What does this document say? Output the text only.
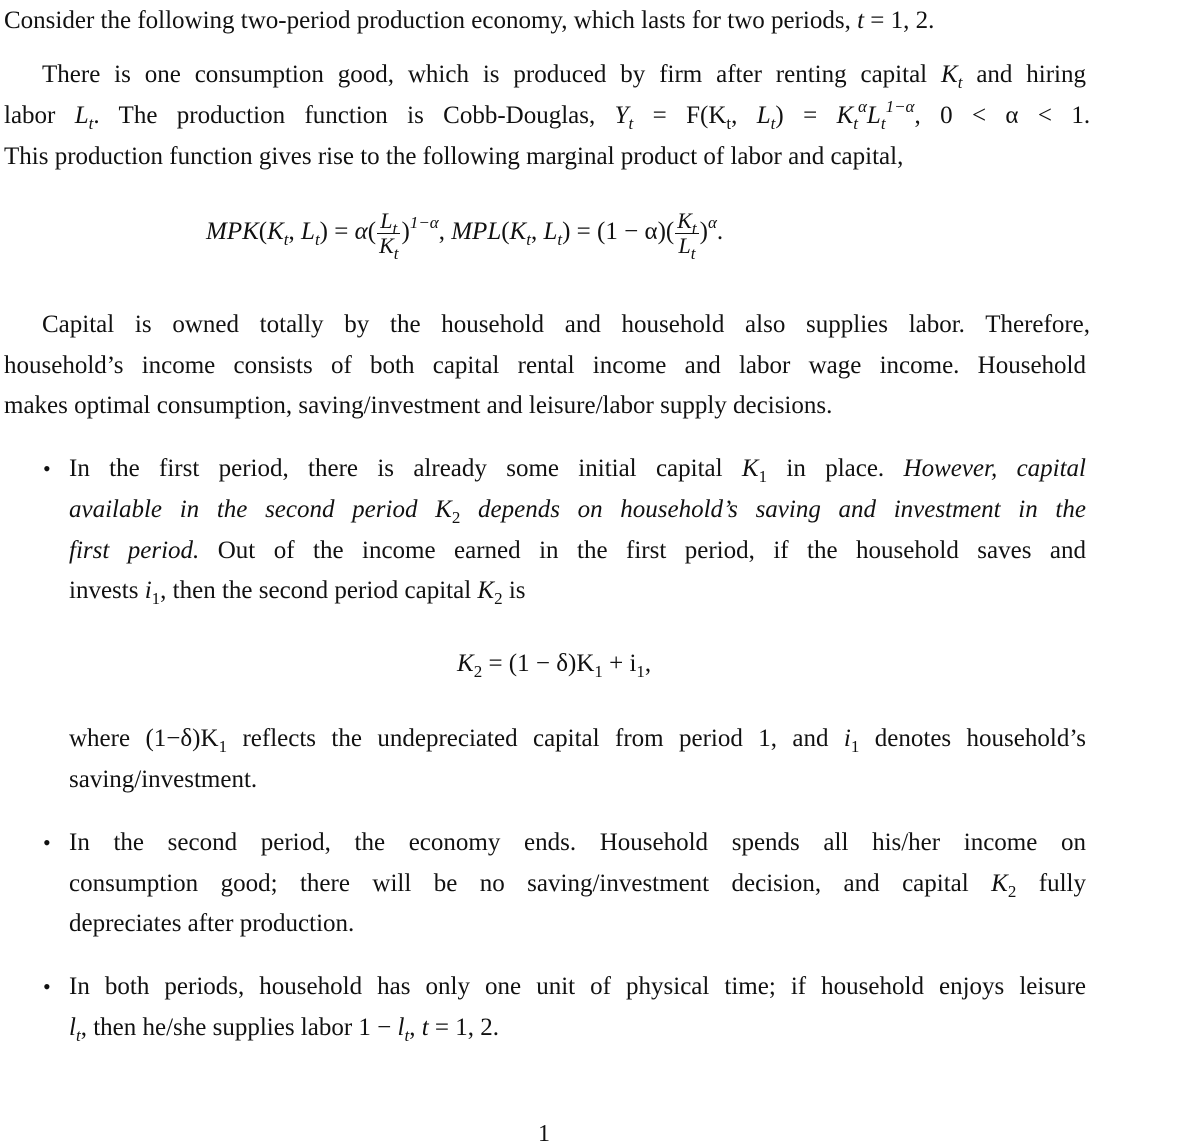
Consider the following two-period production economy, which lasts for two periods, t = 1, 2.
There is one consumption good, which is produced by firm after renting capital $K_t$ and hiring
labor $L_t$. The production function is Cobb-Douglas, $Y_t = F(K_t$, $L_t) = K_t^\alpha L_t^{1-\alpha}$, 0 < α < 1.
This production function gives rise to the following marginal product of labor and capital,
$MPK(K_t$, $L_t) = \alpha( \frac{L_t}{K_t} )^{1-\alpha}$, $MPL(K_t$, $L_t) = (1 - \alpha)( \frac{K_t}{L_t} )^\alpha$.
Capital is owned totally by the household and household also supplies labor. Therefore,
household’s income consists of both capital rental income and labor wage income. Household
makes optimal consumption, saving/investment and leisure/labor supply decisions.
• In the first period, there is already some initial capital $K_1$ in place. However, capital
available in the second period $K_2$ depends on household’s saving and investment in the
first period. Out of the income earned in the first period, if the household saves and
invests $i_1$, then the second period capital $K_2$ is
$K_2 = (1 - \delta)K_1 + i_1$,
where $(1-\delta)K_1$ reflects the undepreciated capital from period 1, and $i_1$ denotes household’s
saving/investment.
• In the second period, the economy ends. Household spends all his/her income on
consumption good; there will be no saving/investment decision, and capital $K_2$ fully
depreciates after production.
• In both periods, household has only one unit of physical time; if household enjoys leisure
$l_t$, then he/she supplies labor $1 - l_t$, t = 1, 2.
1
